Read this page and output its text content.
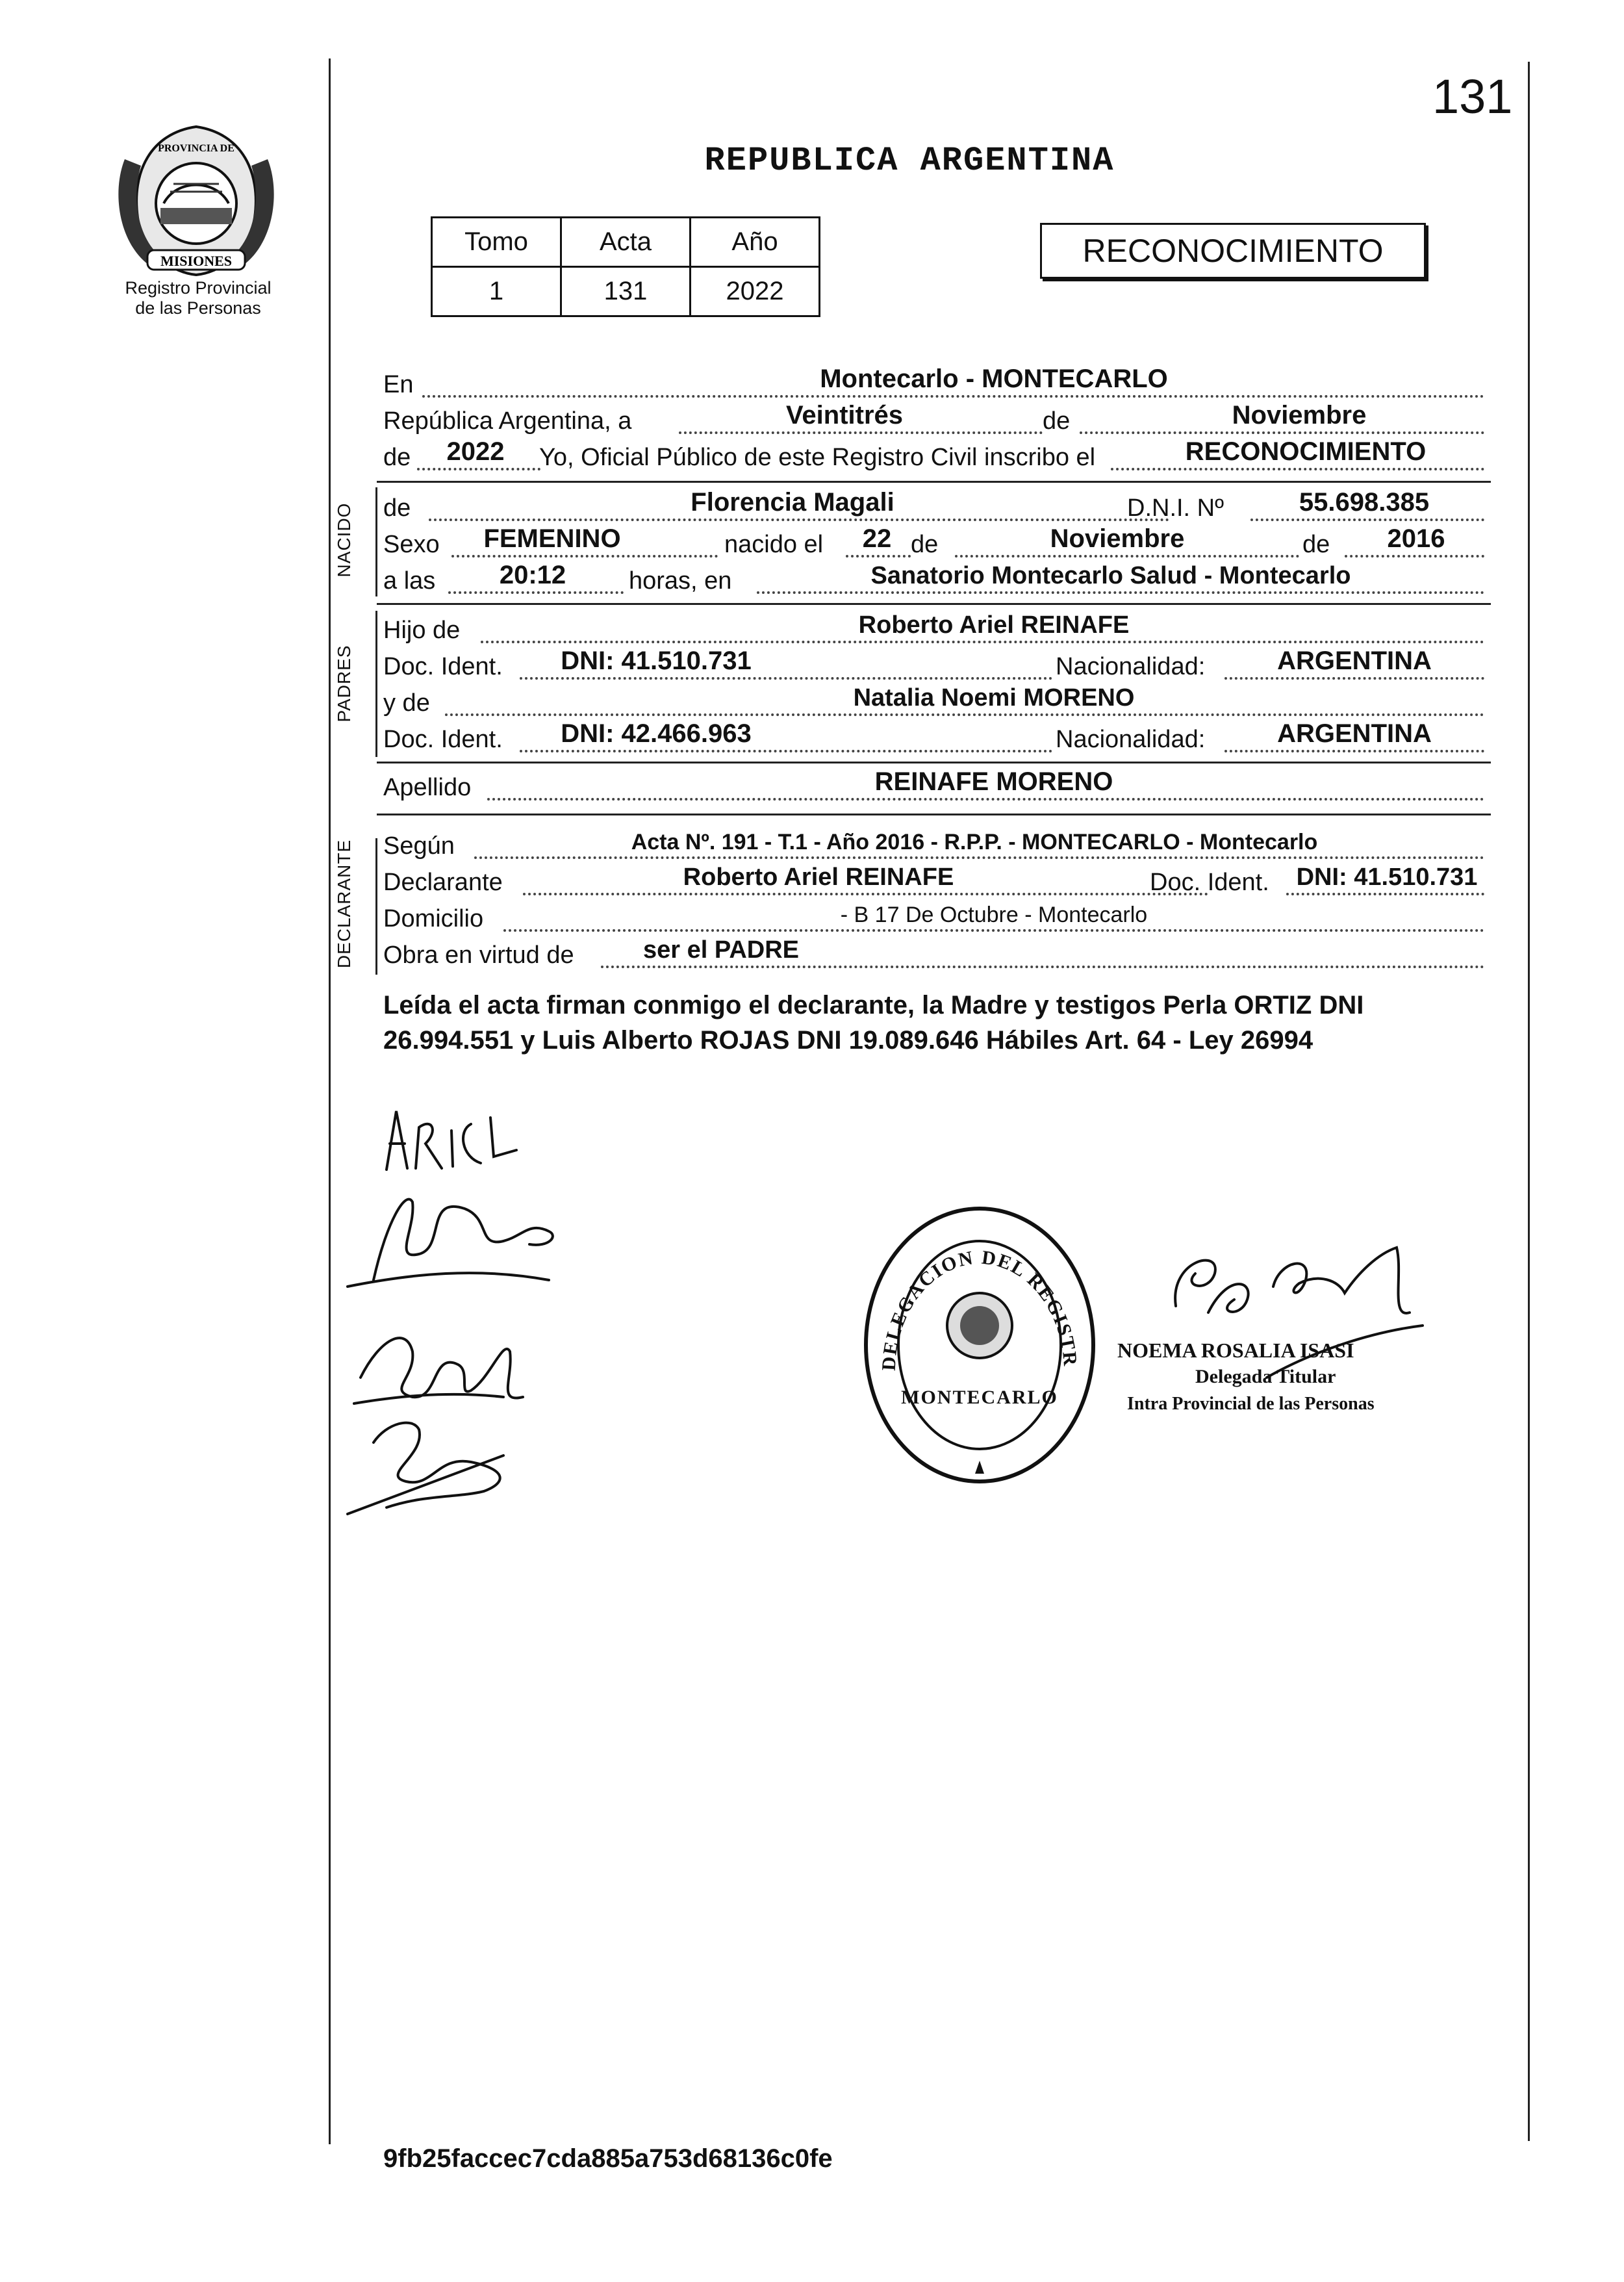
131
MISIONES
PROVINCIA DE
Registro Provincial
de las Personas
REPUBLICA ARGENTINA
Tomo	Acta	Año
1	131	2022
RECONOCIMIENTO
En	Montecarlo - MONTECARLO
República Argentina, a	Veintitrés	de	Noviembre
de	2022	Yo, Oficial Público de este Registro Civil inscribo el	RECONOCIMIENTO
NACIDO de	Florencia Magali	D.N.I. Nº	55.698.385
Sexo	FEMENINO	nacido el	22 de	Noviembre	de	2016
a las	20:12	horas, en	Sanatorio Montecarlo Salud - Montecarlo
PADRES
Hijo de	Roberto Ariel REINAFE
Doc. Ident.	DNI: 41.510.731	Nacionalidad:	ARGENTINA
y de	Natalia Noemi MORENO
Doc. Ident.	DNI: 42.466.963	Nacionalidad:	ARGENTINA
Apellido	REINAFE MORENO
DECLARANTE Según	Acta Nº. 191 - T.1 - Año 2016 - R.P.P. - MONTECARLO - Montecarlo
Declarante	Roberto Ariel REINAFE	Doc. Ident. DNI: 41.510.731
Domicilio	- B 17 De Octubre - Montecarlo
Obra en virtud de	ser el PADRE
Leída el acta firman conmigo el declarante, la Madre y testigos Perla ORTIZ DNI 26.994.551 y Luis Alberto ROJAS DNI 19.089.646 Hábiles Art. 64 - Ley 26994
ARIEL
DELEGACION DEL REGISTR
MONTECARLO
NOEMA ROSALIA ISASI
Delegada Titular
Intra Provincial de las Personas
9fb25faccec7cda885a753d68136c0fe
